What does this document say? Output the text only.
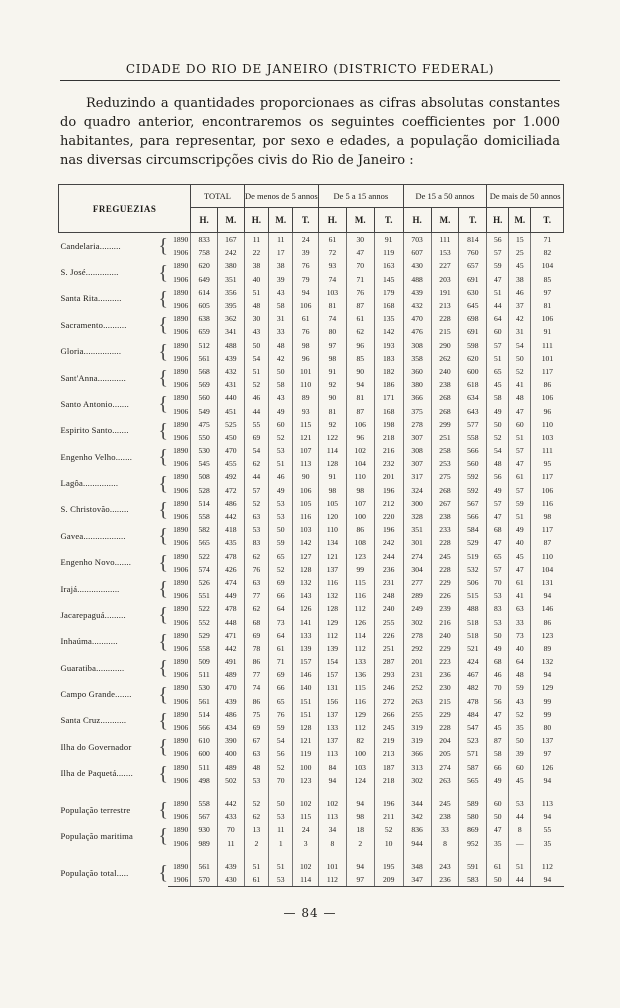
CIDADE DO RIO DE JANEIRO (DISTRICTO FEDERAL)

Reduzindo a quantidades proporcionaes as cifras absolutas constantes do quadro anterior, encontraremos os seguintes coefficientes por 1.000 habitantes, para representar, por sexo e edades, a população domiciliada nas diversas circumscripções civis do Rio de Janeiro :

FREGUEZIAS			TOTAL		De menos de 5 annos			De 5 a 15 annos			De 15 a 50 annos			De mais de 50 annos		
			H.	M.	H.	M.	T.	H.	M.	T.	H.	M.	T.	H.	M.	T.
Candelaria.........	{	1890	833	167	11	11	24	61	30	91	703	111	814	56	15	71
		1906	758	242	22	17	39	72	47	119	607	153	760	57	25	82
S. José..............	{	1890	620	380	38	38	76	93	70	163	430	227	657	59	45	104
		1906	649	351	40	39	79	74	71	145	488	203	691	47	38	85
Santa Rita..........	{	1890	614	356	51	43	94	103	76	179	439	191	630	51	46	97
		1906	605	395	48	58	106	81	87	168	432	213	645	44	37	81
Sacramento..........	{	1890	638	362	30	31	61	74	61	135	470	228	698	64	42	106
		1906	659	341	43	33	76	80	62	142	476	215	691	60	31	91
Gloria................	{	1890	512	488	50	48	98	97	96	193	308	290	598	57	54	111
		1906	561	439	54	42	96	98	85	183	358	262	620	51	50	101
Sant'Anna............	{	1890	568	432	51	50	101	91	90	182	360	240	600	65	52	117
		1906	569	431	52	58	110	92	94	186	380	238	618	45	41	86
Santo Antonio.......	{	1890	560	440	46	43	89	90	81	171	366	268	634	58	48	106
		1906	549	451	44	49	93	81	87	168	375	268	643	49	47	96
Espirito Santo.......	{	1890	475	525	55	60	115	92	106	198	278	299	577	50	60	110
		1906	550	450	69	52	121	122	96	218	307	251	558	52	51	103
Engenho Velho.......	{	1890	530	470	54	53	107	114	102	216	308	258	566	54	57	111
		1906	545	455	62	51	113	128	104	232	307	253	560	48	47	95
Lagôa...............	{	1890	508	492	44	46	90	91	110	201	317	275	592	56	61	117
		1906	528	472	57	49	106	98	98	196	324	268	592	49	57	106
S. Christovão........	{	1890	514	486	52	53	105	105	107	212	300	267	567	57	59	116
		1906	558	442	63	53	116	120	100	220	328	238	566	47	51	98
Gavea..................	{	1890	582	418	53	50	103	110	86	196	351	233	584	68	49	117
		1906	565	435	83	59	142	134	108	242	301	228	529	47	40	87
Engenho Novo.......	{	1890	522	478	62	65	127	121	123	244	274	245	519	65	45	110
		1906	574	426	76	52	128	137	99	236	304	228	532	57	47	104
Irajá..................	{	1890	526	474	63	69	132	116	115	231	277	229	506	70	61	131
		1906	551	449	77	66	143	132	116	248	289	226	515	53	41	94
Jacarepaguá.........	{	1890	522	478	62	64	126	128	112	240	249	239	488	83	63	146
		1906	552	448	68	73	141	129	126	255	302	216	518	53	33	86
Inhaúma...........	{	1890	529	471	69	64	133	112	114	226	278	240	518	50	73	123
		1906	558	442	78	61	139	139	112	251	292	229	521	49	40	89
Guaratiba............	{	1890	509	491	86	71	157	154	133	287	201	223	424	68	64	132
		1906	511	489	77	69	146	157	136	293	231	236	467	46	48	94
Campo Grande.......	{	1890	530	470	74	66	140	131	115	246	252	230	482	70	59	129
		1906	561	439	86	65	151	156	116	272	263	215	478	56	43	99
Santa Cruz...........	{	1890	514	486	75	76	151	137	129	266	255	229	484	47	52	99
		1906	566	434	69	59	128	133	112	245	319	228	547	45	35	80
Ilha do Governador	{	1890	610	390	67	54	121	137	82	219	319	204	523	87	50	137
		1906	600	400	63	56	119	113	100	213	366	205	571	58	39	97
Ilha de Paquetá.......	{	1890	511	489	48	52	100	84	103	187	313	274	587	66	60	126
		1906	498	502	53	70	123	94	124	218	302	263	565	49	45	94

População terrestre	{	1890	558	442	52	50	102	102	94	196	344	245	589	60	53	113
		1906	567	433	62	53	115	113	98	211	342	238	580	50	44	94
População maritima	{	1890	930	70	13	11	24	34	18	52	836	33	869	47	8	55
		1906	989	11	2	1	3	8	2	10	944	8	952	35	—	35

População total.....	{	1890	561	439	51	51	102	101	94	195	348	243	591	61	51	112
		1906	570	430	61	53	114	112	97	209	347	236	583	50	44	94
— 84 —
